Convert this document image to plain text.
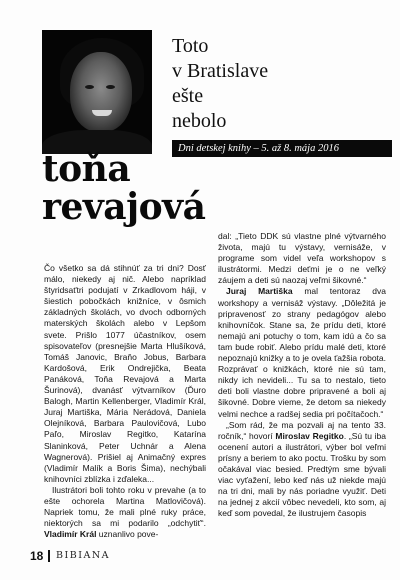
Toto
v Bratislave
ešte
nebolo
Dni detskej knihy – 5. až 8. mája 2016
toňa
revajová

Čo všetko sa dá stihnúť za tri dni? Dosť málo, niekedy aj nič. Alebo napríklad štyridsaťtri podujatí v Zrkadlovom háji, v šiestich pobočkách knižníce, v ôsmich základných školách, vo dvoch odborných materských školách alebo v Lepšom svete. Prišlo 1077 účastníkov, osem spisovateľov (presnejšie Marta Hlušíková, Tomáš Janovic, Braňo Jobus, Barbara Kardošová, Erik Ondrejička, Beata Panáková, Toňa Revajová a Marta Šurinová), dvanásť výtvarníkov (Ďuro Balogh, Martin Kellenberger, Vladimír Král, Juraj Martiška, Mária Nerádová, Daniela Olejníková, Barbara Paulovičová, Lubo Paľo, Miroslav Regitko, Katarína Slaninková, Peter Uchnár a Alena Wagnerová). Prišiel aj Animačný expres (Vladimír Malík a Boris Šima), nechýbali knihovníci zblízka i zďaleka...

Ilustrátori boli tohto roku v prevahe (a to ešte ochorela Martina Matlovičová). Napriek tomu, že mali plné ruky práce, niektorých sa mi podarilo „odchytiť“. Vladimír Král uznanlivo pove-

dal: „Tieto DDK sú vlastne plné výtvarného života, majú tu výstavy, vernisáže, v programe som videl veľa workshopov s ilustrátormi. Medzi deťmi je o ne veľký záujem a deti sú naozaj veľmi šikovné.“

Juraj Martiška mal tentoraz dva workshopy a vernisáž výstavy. „Dôležitá je pripravenosť zo strany pedagógov alebo knihovníčok. Stane sa, že prídu deti, ktoré nemajú ani potuchy o tom, kam idú a čo sa tam bude robiť. Alebo prídu malé deti, ktoré nepoznajú knižky a to je ovela ťažšia robota. Rozprávať o knižkách, ktoré nie sú tam, nikdy ich nevideli... Tu sa to nestalo, tieto deti boli vlastne dobre pripravené a boli aj šikovné. Dobre vieme, že detom sa niekedy velmi nechce a radšej sedia pri počítačoch.“

„Som rád, že ma pozvali aj na tento 33. ročník,“ hovorí Miroslav Regitko. „Sú tu iba ocenení autori a ilustrátori, výber bol veľmi prísny a beriem to ako poctu. Trošku by som očakával viac besied. Predtým sme bývali viac vyťažení, lebo keď nás už niekde majú na tri dni, mali by nás poriadne využiť. Deti na jednej z akcií vôbec nevedeli, kto som, aj keď som povedal, že ilustrujem časopis

18 BIBIANA
